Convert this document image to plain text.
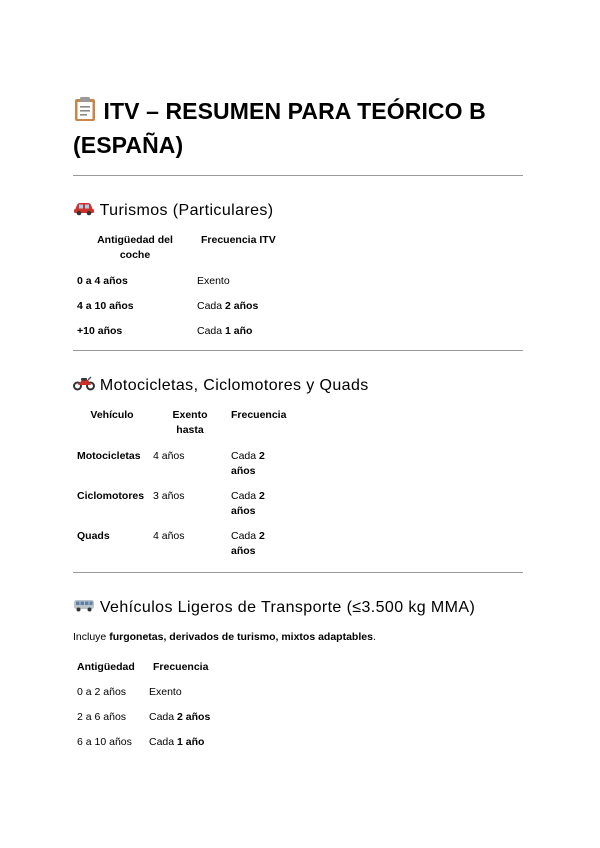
ITV – RESUMEN PARA TEÓRICO B (ESPAÑA)
Turismos (Particulares)
Antigüedad del coche	Frecuencia ITV
0 a 4 años	Exento
4 a 10 años	Cada 2 años
+10 años	Cada 1 año
Motocicletas, Ciclomotores y Quads
Vehículo	Exento hasta	Frecuencia
Motocicletas	4 años	Cada 2 años
Ciclomotores	3 años	Cada 2 años
Quads	4 años	Cada 2 años
Vehículos Ligeros de Transporte (≤3.500 kg MMA)

Incluye furgonetas, derivados de turismo, mixtos adaptables.

Antigüedad	Frecuencia
0 a 2 años	Exento
2 a 6 años	Cada 2 años
6 a 10 años	Cada 1 año
